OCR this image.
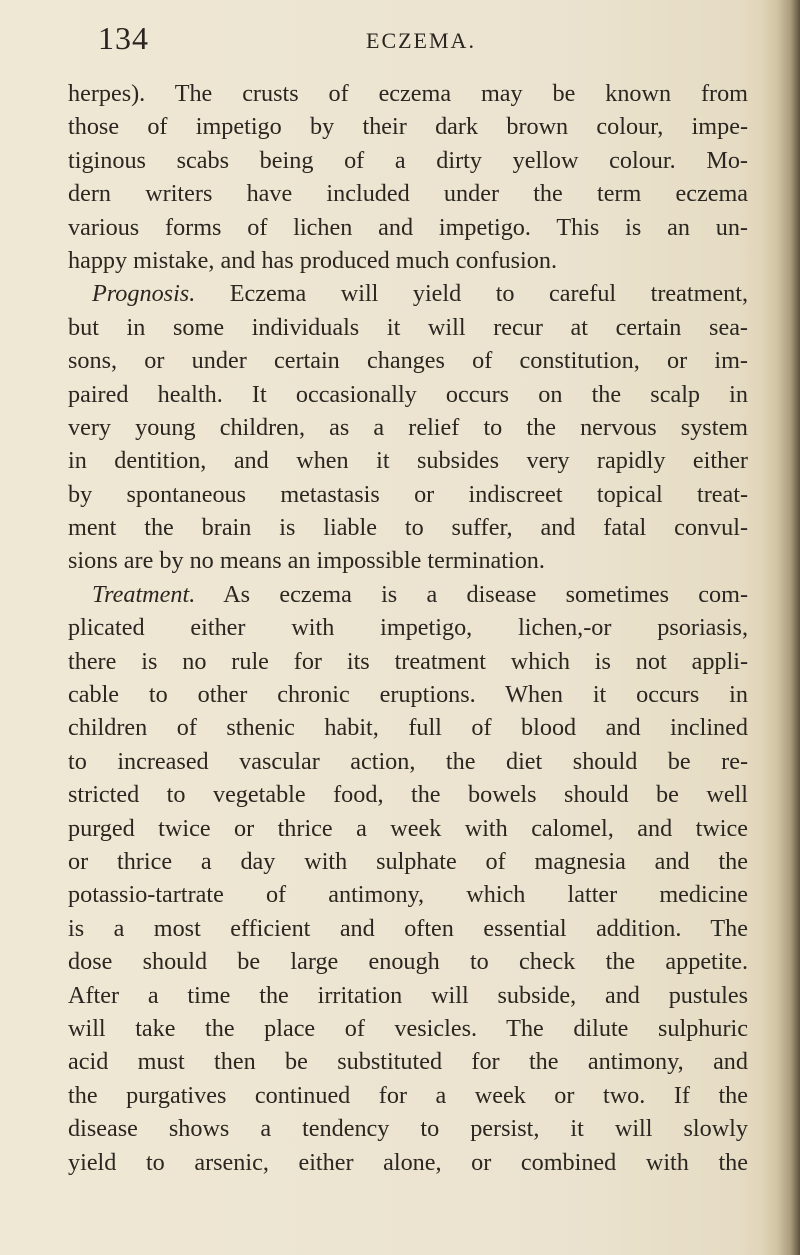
134	ECZEMA.
herpes). The crusts of eczema may be known from
those of impetigo by their dark brown colour, impe-
tiginous scabs being of a dirty yellow colour. Mo-
dern writers have included under the term eczema
various forms of lichen and impetigo. This is an un-
happy mistake, and has produced much confusion.
Prognosis. Eczema will yield to careful treatment,
but in some individuals it will recur at certain sea-
sons, or under certain changes of constitution, or im-
paired health. It occasionally occurs on the scalp in
very young children, as a relief to the nervous system
in dentition, and when it subsides very rapidly either
by spontaneous metastasis or indiscreet topical treat-
ment the brain is liable to suffer, and fatal convul-
sions are by no means an impossible termination.
Treatment. As eczema is a disease sometimes com-
plicated either with impetigo, lichen,-or psoriasis,
there is no rule for its treatment which is not appli-
cable to other chronic eruptions. When it occurs in
children of sthenic habit, full of blood and inclined
to increased vascular action, the diet should be re-
stricted to vegetable food, the bowels should be well
purged twice or thrice a week with calomel, and twice
or thrice a day with sulphate of magnesia and the
potassio-tartrate of antimony, which latter medicine
is a most efficient and often essential addition. The
dose should be large enough to check the appetite.
After a time the irritation will subside, and pustules
will take the place of vesicles. The dilute sulphuric
acid must then be substituted for the antimony, and
the purgatives continued for a week or two. If the
disease shows a tendency to persist, it will slowly
yield to arsenic, either alone, or combined with the
